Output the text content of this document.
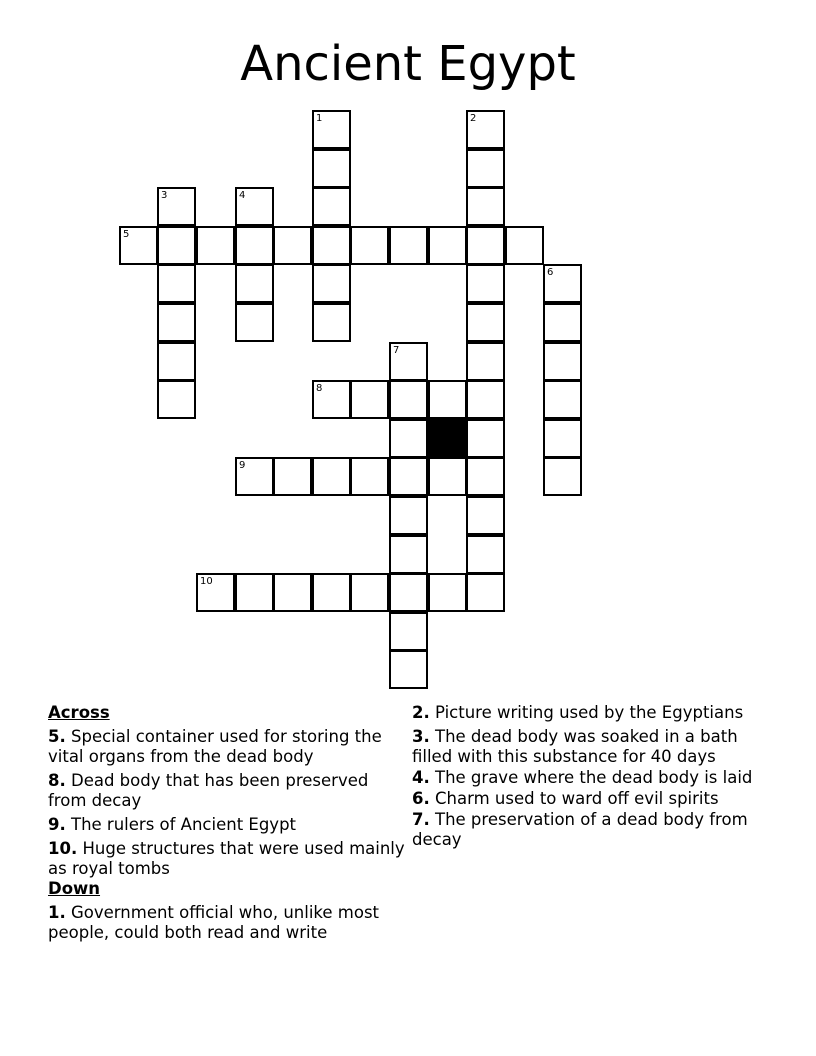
Ancient Egypt
1	2
3	4
5
6
7
8
9
10
Across
5. Special container used for storing the vital organs from the dead body
8. Dead body that has been preserved from decay
9. The rulers of Ancient Egypt
10. Huge structures that were used mainly as royal tombs
Down
1. Government official who, unlike most people, could both read and write
2. Picture writing used by the Egyptians
3. The dead body was soaked in a bath filled with this substance for 40 days
4. The grave where the dead body is laid
6. Charm used to ward off evil spirits
7. The preservation of a dead body from decay
